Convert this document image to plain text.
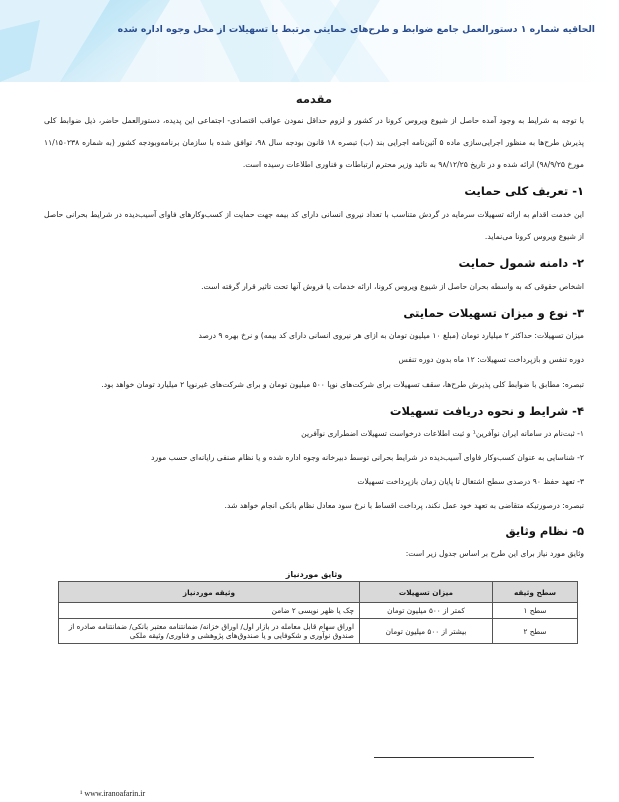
الحاقیه شماره ۱ دستورالعمل جامع ضوابط و طرح‌های حمایتی مرتبط با تسهیلات از محل وجوه اداره شده
مقدمه

با توجه به شرایط به وجود آمده حاصل از شیوع ویروس کرونا در کشور و لزوم حداقل نمودن عواقب اقتصادی- اجتماعی این پدیده، دستورالعمل حاضر، ذیل ضوابط کلی پذیرش طرح‌ها به منظور اجرایی‌سازی ماده ۵ آئین‌نامه اجرایی بند (ب) تبصره ۱۸ قانون بودجه سال ۹۸، توافق شده با سازمان برنامه‌وبودجه کشور (به شماره ۱۱/۱۵۰۲۳۸ مورخ ۹۸/۹/۲۵) ارائه شده و در تاریخ ۹۸/۱۲/۲۵ به تائید وزیر محترم ارتباطات و فناوری اطلاعات رسیده است.

۱- تعریف کلی حمایت

این خدمت اقدام به ارائه تسهیلات سرمایه در گردش متناسب با تعداد نیروی انسانی دارای کد بیمه جهت حمایت از کسب‌وکارهای فاوای آسیب‌دیده در شرایط بحرانی حاصل از شیوع ویروس کرونا می‌نماید.

۲- دامنه شمول حمایت

اشخاص حقوقی که به واسطه بحران حاصل از شیوع ویروس کرونا، ارائه خدمات یا فروش آنها تحت تاثیر قرار گرفته است.

۳- نوع و میزان تسهیلات حمایتی

میزان تسهیلات: حداکثر ۲ میلیارد تومان (مبلغ ۱۰ میلیون تومان به ازای هر نیروی انسانی دارای کد بیمه) و نرخ بهره ۹ درصد

دوره تنفس و بازپرداخت تسهیلات: ۱۲ ماه بدون دوره تنفس

تبصره: مطابق با ضوابط کلی پذیرش طرح‌ها، سقف تسهیلات برای شرکت‌های نوپا ۵۰۰ میلیون تومان و برای شرکت‌های غیرنوپا ۲ میلیارد تومان خواهد بود.

۴- شرایط و نحوه دریافت تسهیلات

۱- ثبت‌نام در سامانه ایران نوآفرین¹ و ثبت اطلاعات درخواست تسهیلات اضطراری نوآفرین

۲- شناسایی به عنوان کسب‌وکار فاوای آسیب‌دیده در شرایط بحرانی توسط دبیرخانه وجوه اداره شده و یا نظام صنفی رایانه‌ای حسب مورد

۳- تعهد حفظ ۹۰ درصدی سطح اشتغال تا پایان زمان بازپرداخت تسهیلات

تبصره: درصورتیکه متقاضی به تعهد خود عمل نکند، پرداخت اقساط با نرخ سود معادل نظام بانکی انجام خواهد شد.

۵- نظام وثایق

وثایق مورد نیاز برای این طرح بر اساس جدول زیر است:

وثایق موردنیاز
سطح وثیقه	میزان تسهیلات	وثیقه موردنیاز
سطح ۱	کمتر از ۵۰۰ میلیون تومان	چک یا ظهر نویسی ۲ ضامن
سطح ۲	بیشتر از ۵۰۰ میلیون تومان	اوراق سهام قابل معامله در بازار اول/ اوراق خزانه/ ضمانتنامه معتبر بانکی/ ضمانتنامه صادره از صندوق نوآوری و شکوفایی و یا صندوق‌های پژوهشی و فناوری/ وثیقه ملکی
¹ www.iranoafarin.ir
